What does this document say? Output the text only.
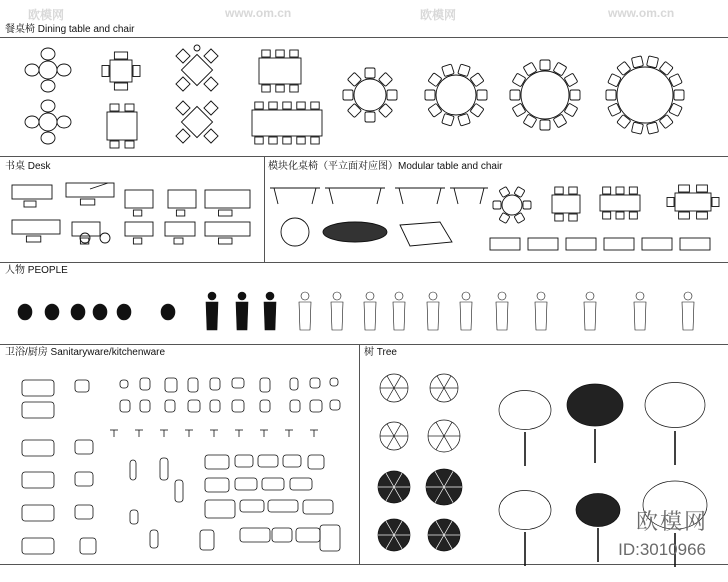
餐桌椅 Dining table and chair
书桌 Desk	模块化桌椅（平立面对应图）Modular table and chair
人物 PEOPLE
卫浴/厨房 Sanitaryware/kitchenware	树 Tree
欧模网	www.om.cn	欧模网	www.om.cn
欧模网
ID:3010966
